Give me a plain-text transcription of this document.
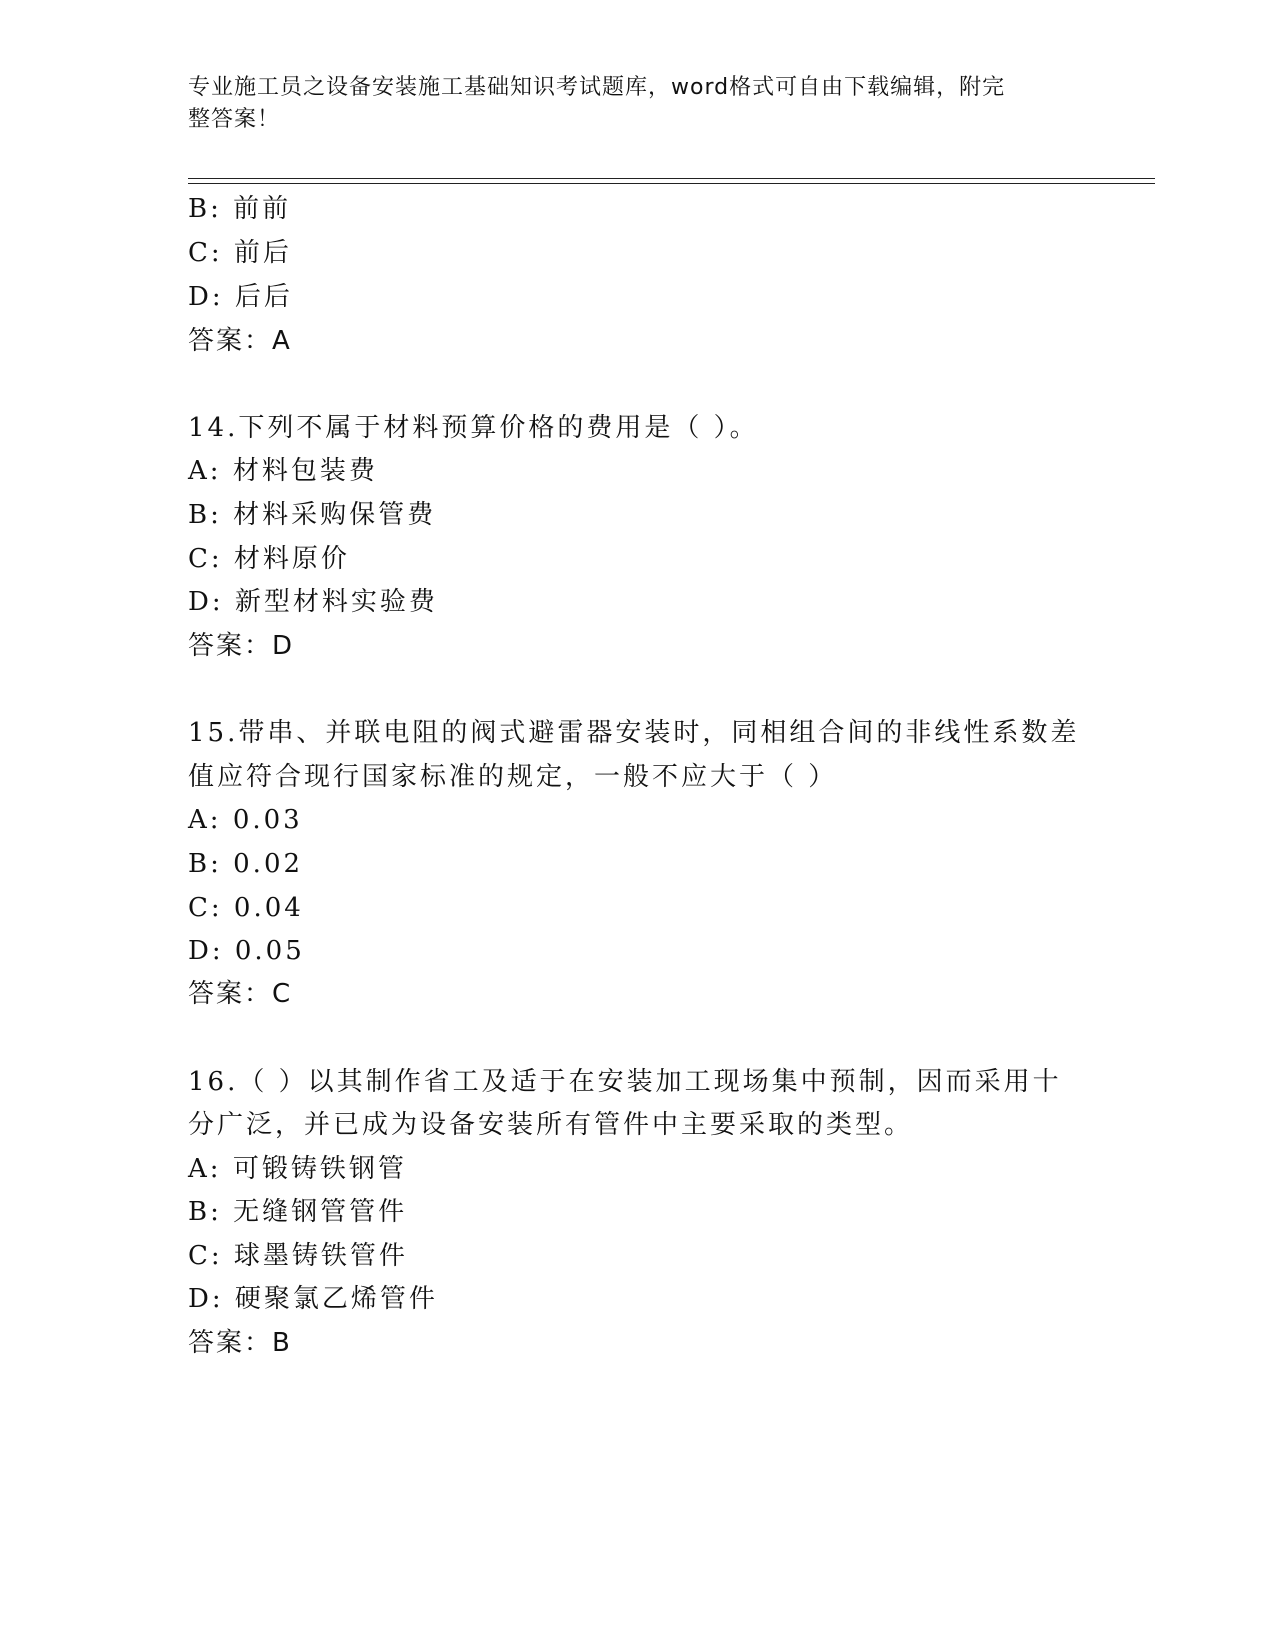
专业施工员之设备安装施工基础知识考试题库，word格式可自由下载编辑，附完
整答案！
B: 前前
C: 前后
D: 后后
答案：A
14.下列不属于材料预算价格的费用是（ ）。
A: 材料包装费
B: 材料采购保管费
C: 材料原价
D: 新型材料实验费
答案：D
15.带串、并联电阻的阀式避雷器安装时，同相组合间的非线性系数差
值应符合现行国家标准的规定，一般不应大于（ ）
A: 0.03
B: 0.02
C: 0.04
D: 0.05
答案：C
16.（ ）以其制作省工及适于在安装加工现场集中预制，因而采用十
分广泛，并已成为设备安装所有管件中主要采取的类型。
A: 可锻铸铁钢管
B: 无缝钢管管件
C: 球墨铸铁管件
D: 硬聚氯乙烯管件
答案：B
